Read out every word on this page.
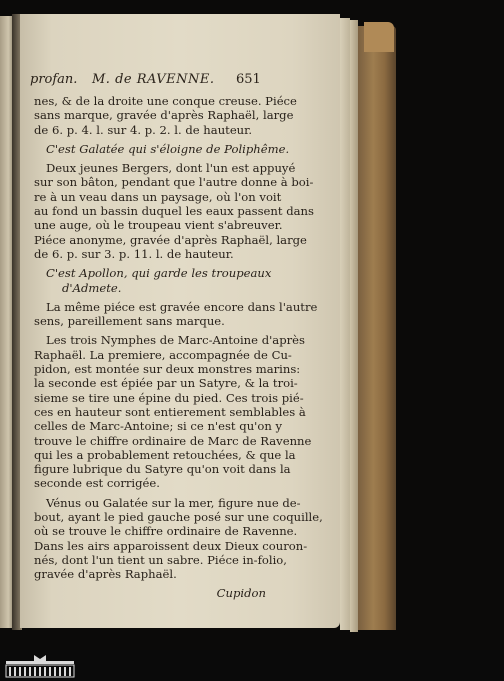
profan. M. de RAVENNE. 651

nes, & de la droite une conque creuse. Piéce
sans marque, gravée d'après Raphaël, large
de 6. p. 4. l. sur 4. p. 2. l. de hauteur.

C'est Galatée qui s'éloigne de Poliphême.

Deux jeunes Bergers, dont l'un est appuyé
sur son bâton, pendant que l'autre donne à boi-
re à un veau dans un paysage, où l'on voit
au fond un bassin duquel les eaux passent dans
une auge, où le troupeau vient s'abreuver.
Piéce anonyme, gravée d'après Raphaël, large
de 6. p. sur 3. p. 11. l. de hauteur.

C'est Apollon, qui garde les troupeaux
d'Admete.

La même piéce est gravée encore dans l'autre
sens, pareillement sans marque.

Les trois Nymphes de Marc-Antoine d'après
Raphaël. La premiere, accompagnée de Cu-
pidon, est montée sur deux monstres marins:
la seconde est épiée par un Satyre, & la troi-
sieme se tire une épine du pied. Ces trois pié-
ces en hauteur sont entierement semblables à
celles de Marc-Antoine; si ce n'est qu'on y
trouve le chiffre ordinaire de Marc de Ravenne
qui les a probablement retouchées, & que la
figure lubrique du Satyre qu'on voit dans la
seconde est corrigée.

Vénus ou Galatée sur la mer, figure nue de-
bout, ayant le pied gauche posé sur une coquille,
où se trouve le chiffre ordinaire de Ravenne.
Dans les airs apparoissent deux Dieux couron-
nés, dont l'un tient un sabre. Piéce in-folio,
gravée d'après Raphaël.

Cupidon
